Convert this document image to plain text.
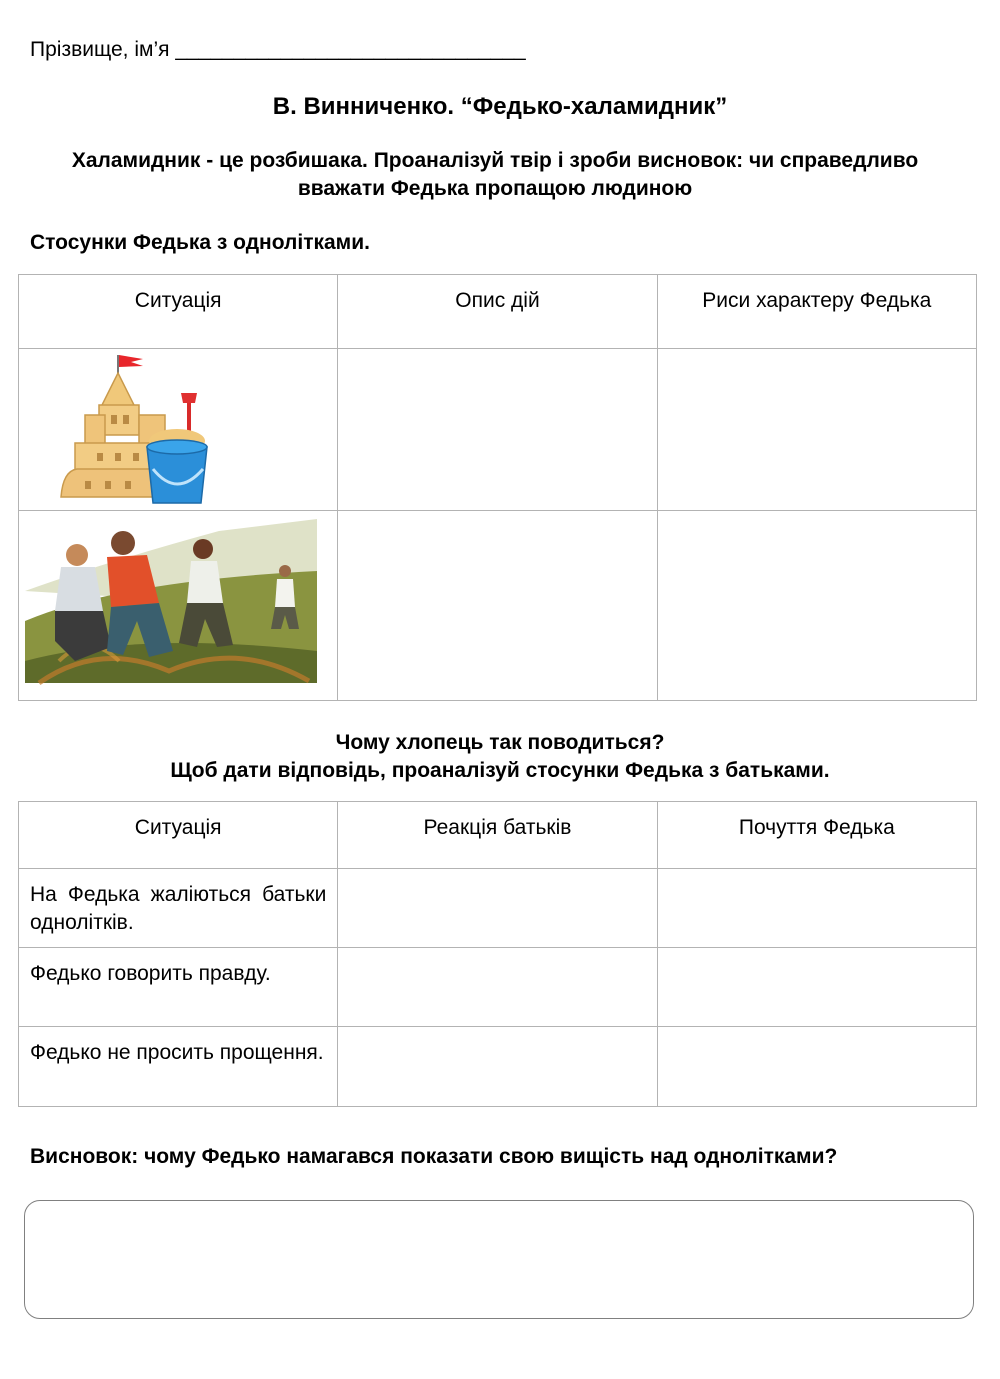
Прізвище, ім’я ______________________________
В. Винниченко. “Федько-халамидник”
Халамидник - це розбишака. Проаналізуй твір і зроби висновок: чи справедливо вважати Федька пропащою людиною
Стосунки Федька з однолітками.
Ситуація	Опис дій	Риси характеру Федька

Чому хлопець так поводиться?
Щоб дати відповідь, проаналізуй стосунки Федька з батьками.
Ситуація	Реакція батьків	Почуття Федька

На Федька жаліються батьки однолітків.		

Федько говорить правду.		

Федько не просить прощення.		

Висновок: чому Федько намагався показати свою вищість над однолітками?
